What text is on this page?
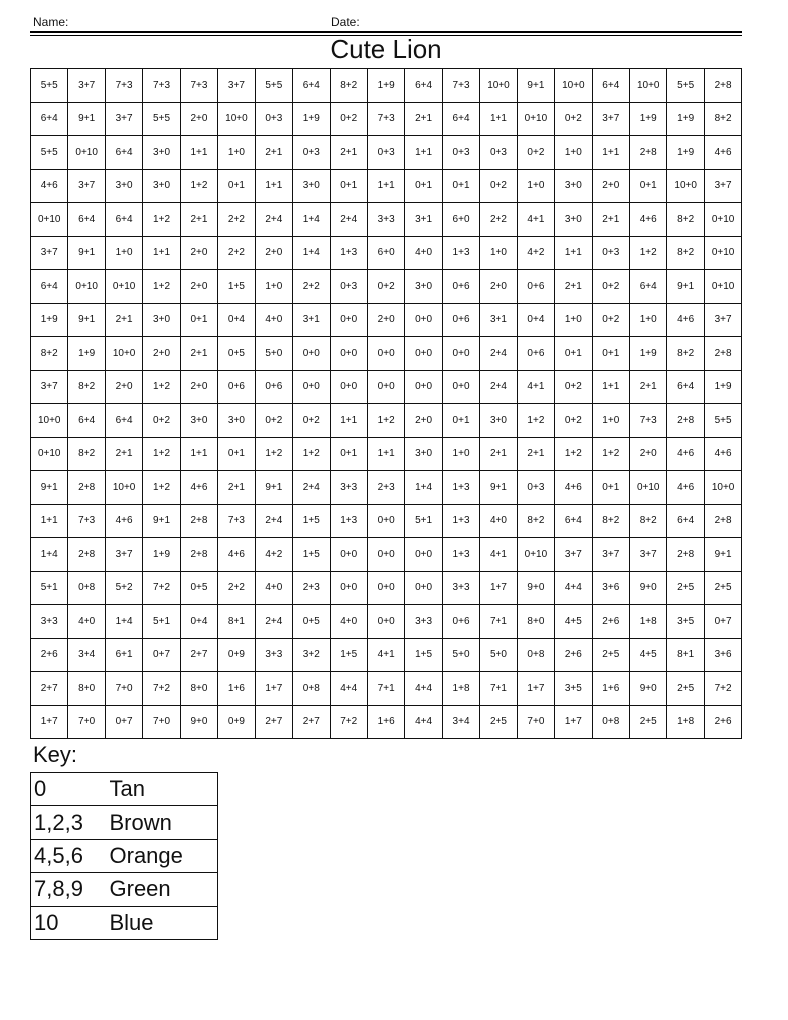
Name:	Date:
Cute Lion
5+5	3+7	7+3	7+3	7+3	3+7	5+5	6+4	8+2	1+9	6+4	7+3	10+0	9+1	10+0	6+4	10+0	5+5	2+8
6+4	9+1	3+7	5+5	2+0	10+0	0+3	1+9	0+2	7+3	2+1	6+4	1+1	0+10	0+2	3+7	1+9	1+9	8+2
5+5	0+10	6+4	3+0	1+1	1+0	2+1	0+3	2+1	0+3	1+1	0+3	0+3	0+2	1+0	1+1	2+8	1+9	4+6
4+6	3+7	3+0	3+0	1+2	0+1	1+1	3+0	0+1	1+1	0+1	0+1	0+2	1+0	3+0	2+0	0+1	10+0	3+7
0+10	6+4	6+4	1+2	2+1	2+2	2+4	1+4	2+4	3+3	3+1	6+0	2+2	4+1	3+0	2+1	4+6	8+2	0+10
3+7	9+1	1+0	1+1	2+0	2+2	2+0	1+4	1+3	6+0	4+0	1+3	1+0	4+2	1+1	0+3	1+2	8+2	0+10
6+4	0+10	0+10	1+2	2+0	1+5	1+0	2+2	0+3	0+2	3+0	0+6	2+0	0+6	2+1	0+2	6+4	9+1	0+10
1+9	9+1	2+1	3+0	0+1	0+4	4+0	3+1	0+0	2+0	0+0	0+6	3+1	0+4	1+0	0+2	1+0	4+6	3+7
8+2	1+9	10+0	2+0	2+1	0+5	5+0	0+0	0+0	0+0	0+0	0+0	2+4	0+6	0+1	0+1	1+9	8+2	2+8
3+7	8+2	2+0	1+2	2+0	0+6	0+6	0+0	0+0	0+0	0+0	0+0	2+4	4+1	0+2	1+1	2+1	6+4	1+9
10+0	6+4	6+4	0+2	3+0	3+0	0+2	0+2	1+1	1+2	2+0	0+1	3+0	1+2	0+2	1+0	7+3	2+8	5+5
0+10	8+2	2+1	1+2	1+1	0+1	1+2	1+2	0+1	1+1	3+0	1+0	2+1	2+1	1+2	1+2	2+0	4+6	4+6
9+1	2+8	10+0	1+2	4+6	2+1	9+1	2+4	3+3	2+3	1+4	1+3	9+1	0+3	4+6	0+1	0+10	4+6	10+0
1+1	7+3	4+6	9+1	2+8	7+3	2+4	1+5	1+3	0+0	5+1	1+3	4+0	8+2	6+4	8+2	8+2	6+4	2+8
1+4	2+8	3+7	1+9	2+8	4+6	4+2	1+5	0+0	0+0	0+0	1+3	4+1	0+10	3+7	3+7	3+7	2+8	9+1
5+1	0+8	5+2	7+2	0+5	2+2	4+0	2+3	0+0	0+0	0+0	3+3	1+7	9+0	4+4	3+6	9+0	2+5	2+5
3+3	4+0	1+4	5+1	0+4	8+1	2+4	0+5	4+0	0+0	3+3	0+6	7+1	8+0	4+5	2+6	1+8	3+5	0+7
2+6	3+4	6+1	0+7	2+7	0+9	3+3	3+2	1+5	4+1	1+5	5+0	5+0	0+8	2+6	2+5	4+5	8+1	3+6
2+7	8+0	7+0	7+2	8+0	1+6	1+7	0+8	4+4	7+1	4+4	1+8	7+1	1+7	3+5	1+6	9+0	2+5	7+2
1+7	7+0	0+7	7+0	9+0	0+9	2+7	2+7	7+2	1+6	4+4	3+4	2+5	7+0	1+7	0+8	2+5	1+8	2+6
Key:
0	Tan
1,2,3	Brown
4,5,6	Orange
7,8,9	Green
10	Blue
